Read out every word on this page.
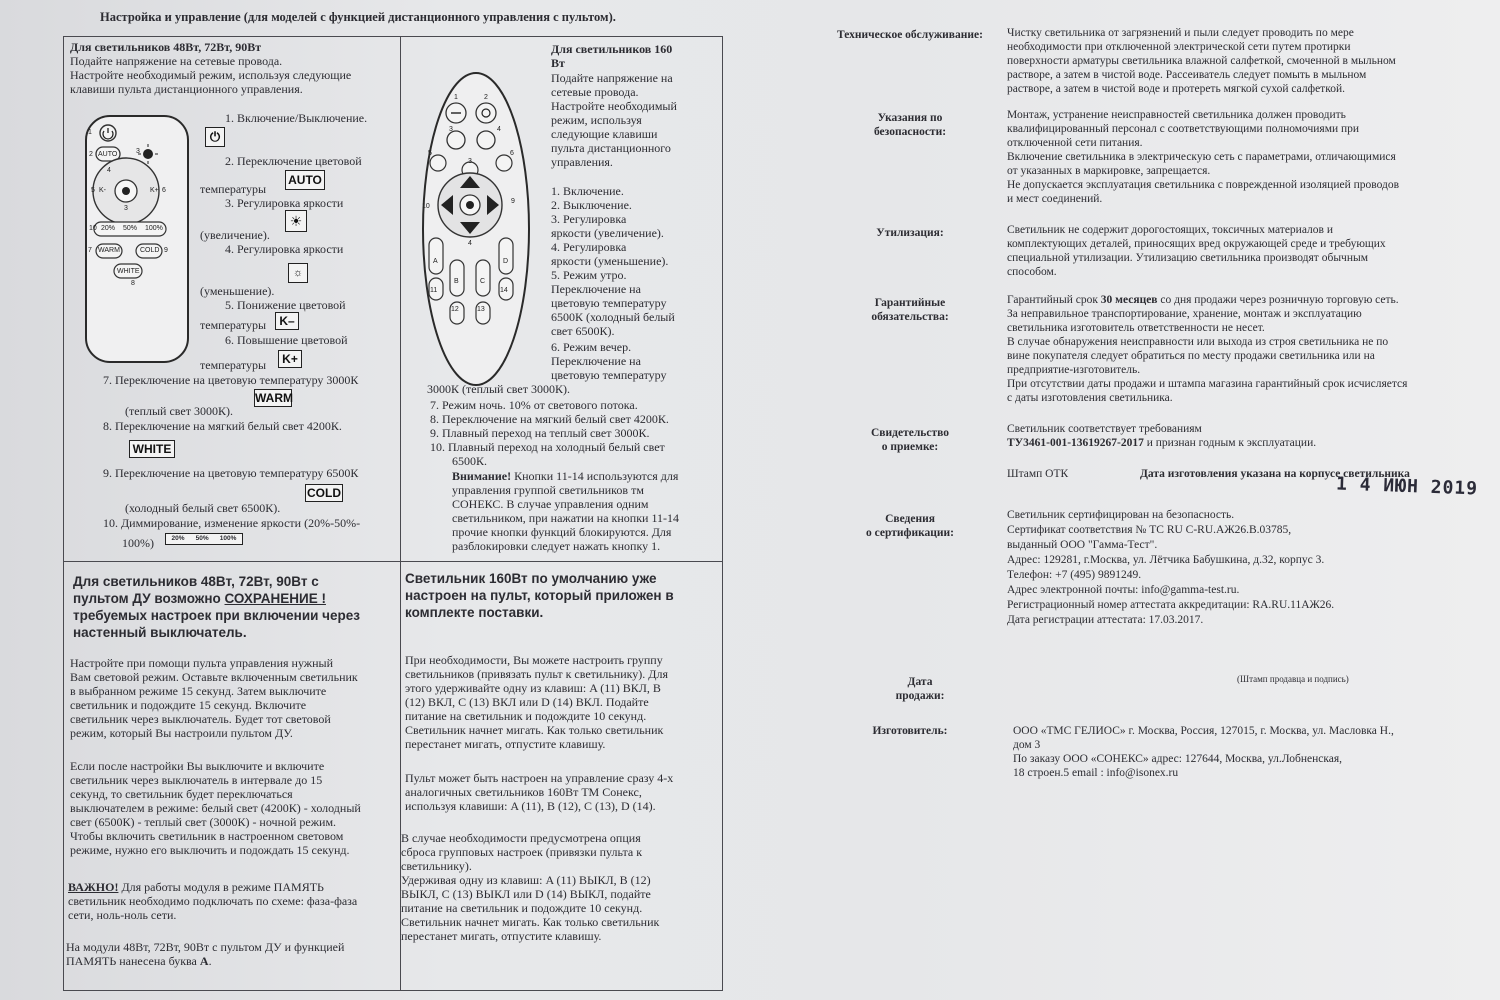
Настройка и управление (для моделей с функцией дистанционного управления с пультом).
Для светильников 48Вт, 72Вт, 90Вт
Подайте напряжение на сетевые провода.
Настройте необходимый режим, используя следующие
клавиши пульта дистанционного управления.
1
2 AUTO	3
4
K-	K+
5	6
3
10 20% 50% 100%
WARM	COLD
7	9
WHITE
8
1. Включение/Выключение.
⏻
2. Переключение цветовой
температуры
AUTO
3. Регулировка яркости
☀
(увеличение).
4. Регулировка яркости
☼
(уменьшение).
5. Понижение цветовой
температуры	K–
6. Повышение цветовой
температуры	K+
7. Переключение на цветовую температуру 3000К
WARM
(теплый свет 3000К).
8. Переключение на мягкий белый свет 4200К.
WHITE
9. Переключение на цветовую температуру 6500К
(холодный белый свет 6500К).
COLD
10. Диммирование, изменение яркости (20%-50%-
100%)	20% 50% 100%
Для светильников 48Вт, 72Вт, 90Вт с
пультом ДУ возможно СОХРАНЕНИЕ !
требуемых настроек при включении через
настенный выключатель.
Настройте при помощи пульта управления нужный
Вам световой режим. Оставьте включенным светильник
в выбранном режиме 15 секунд. Затем выключите
светильник и подождите 15 секунд. Включите
светильник через выключатель. Будет тот световой
режим, который Вы настроили пультом ДУ.
Если после настройки Вы выключите и включите
светильник через выключатель в интервале до 15
секунд, то светильник будет переключаться
выключателем в режиме: белый свет (4200К) - холодный
свет (6500К) - теплый свет (3000К) - ночной режим.
Чтобы включить светильник в настроенном световом
режиме, нужно его выключить и подождать 15 секунд.
ВАЖНО! Для работы модуля в режиме ПАМЯТЬ
светильник необходимо подключать по схеме: фаза-фаза
сети, ноль-ноль сети.
На модули 48Вт, 72Вт, 90Вт с пультом ДУ и функцией
ПАМЯТЬ нанесена буква А.
Для светильников 160
Вт
Подайте напряжение на
сетевые провода.
Настройте необходимый
режим, используя
следующие клавиши
пульта дистанционного
управления.
1	2
3	4
5
3
6
10
9
4
A	D
B	C
11	14
12	13
1. Включение.
2. Выключение.
3. Регулировка
яркости (увеличение).
4. Регулировка
яркости (уменьшение).
5. Режим утро.
Переключение на
цветовую температуру
6500К (холодный белый
свет 6500К).
6. Режим вечер.
Переключение на
цветовую температуру
3000К (теплый свет 3000К).
7. Режим ночь. 10% от светового потока.
8. Переключение на мягкий белый свет 4200К.
9. Плавный переход на теплый свет 3000К.
10. Плавный переход на холодный белый свет
6500К.
Внимание! Кнопки 11-14 используются для
управления группой светильников тм
СОНЕКС. В случае управления одним
светильником, при нажатии на кнопки 11-14
прочие кнопки функций блокируются. Для
разблокировки следует нажать кнопку 1.
Светильник 160Вт по умолчанию уже
настроен на пульт, который приложен в
комплекте поставки.
При необходимости, Вы можете настроить группу
светильников (привязать пульт к светильнику). Для
этого удерживайте одну из клавиш: A (11) ВКЛ, B
(12) ВКЛ, C (13) ВКЛ или D (14) ВКЛ. Подайте
питание на светильник и подождите 10 секунд.
Светильник начнет мигать. Как только светильник
перестанет мигать, отпустите клавишу.
Пульт может быть настроен на управление сразу 4-х
аналогичных светильников 160Вт ТМ Сонекс,
используя клавиши: A (11), B (12), C (13), D (14).
В случае необходимости предусмотрена опция
сброса групповых настроек (привязки пульта к
светильнику).
Удерживая одну из клавиш: A (11) ВЫКЛ, B (12)
ВЫКЛ, C (13) ВЫКЛ или D (14) ВЫКЛ, подайте
питание на светильник и подождите 10 секунд.
Светильник начнет мигать. Как только светильник
перестанет мигать, отпустите клавишу.
Техническое обслуживание:	Чистку светильника от загрязнений и пыли следует проводить по мере
необходимости при отключенной электрической сети путем протирки
поверхности арматуры светильника влажной салфеткой, смоченной в мыльном
растворе, а затем в чистой воде. Рассеиватель следует помыть в мыльном
растворе, а затем в чистой воде и протереть мягкой сухой салфеткой.
Указания по
безопасности:
Монтаж, устранение неисправностей светильника должен проводить
квалифицированный персонал с соответствующими полномочиями при
отключенной сети питания.
Включение светильника в электрическую сеть с параметрами, отличающимися
от указанных в маркировке, запрещается.
Не допускается эксплуатация светильника с поврежденной изоляцией проводов
и мест соединений.
Утилизация:	Светильник не содержит дорогостоящих, токсичных материалов и
комплектующих деталей, приносящих вред окружающей среде и требующих
специальной утилизации. Утилизацию светильника производят обычным
способом.
Гарантийные
обязательства:
Гарантийный срок 30 месяцев со дня продажи через розничную торговую сеть.
За неправильное транспортирование, хранение, монтаж и эксплуатацию
светильника изготовитель ответственности не несет.
В случае обнаружения неисправности или выхода из строя светильника не по
вине покупателя следует обратиться по месту продажи светильника или на
предприятие-изготовитель.
При отсутствии даты продажи и штампа магазина гарантийный срок исчисляется
с даты изготовления светильника.
Свидетельство
о приемке:
Светильник соответствует требованиям
ТУ3461-001-13619267-2017 и признан годным к эксплуатации.
Штамп ОТК	Дата изготовления указана на корпусе светильника
1 4 ИЮН 2019
Сведения
о сертификации:
Светильник сертифицирован на безопасность.
Сертификат соответствия № ТС RU С-RU.АЖ26.В.03785,
выданный ООО "Гамма-Тест".
Адрес: 129281, г.Москва, ул. Лётчика Бабушкина, д.32, корпус 3.
Телефон: +7 (495) 9891249.
Адрес электронной почты: info@gamma-test.ru.
Регистрационный номер аттестата аккредитации: RA.RU.11АЖ26.
Дата регистрации аттестата: 17.03.2017.
Дата
продажи:
(Штамп продавца и подпись)
Изготовитель:	ООО «ТМС ГЕЛИОС» г. Москва, Россия, 127015, г. Москва, ул. Масловка Н.,
дом 3
По заказу ООО «СОНЕКС» адрес: 127644, Москва, ул.Лобненская,
18 строен.5 email : info@isonex.ru
